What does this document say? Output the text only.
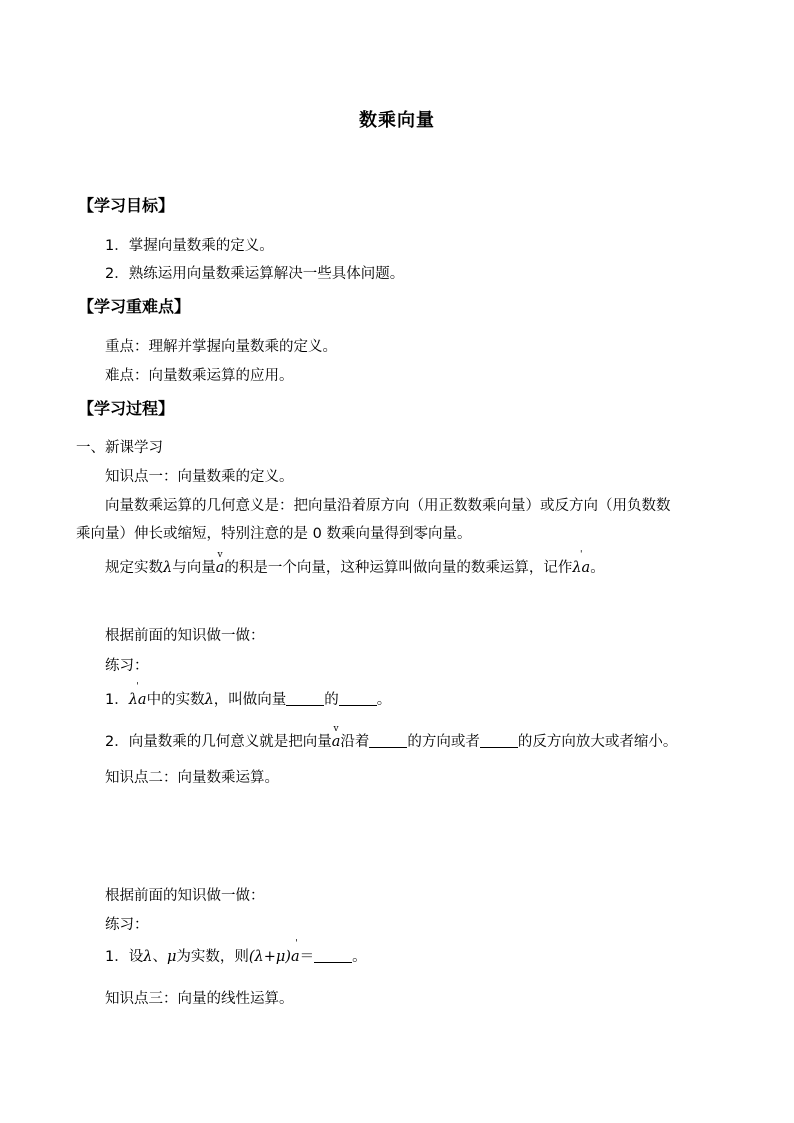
数乘向量
【学习目标】
1．掌握向量数乘的定义。
2．熟练运用向量数乘运算解决一些具体问题。
【学习重难点】
重点：理解并掌握向量数乘的定义。
难点：向量数乘运算的应用。
【学习过程】
一、新课学习
知识点一：向量数乘的定义。
向量数乘运算的几何意义是：把向量沿着原方向（用正数数乘向量）或反方向（用负数数
乘向量）伸长或缩短，特别注意的是 0 数乘向量得到零向量。
规定实数λ与向量
v
a的积是一个向量，这种运算叫做向量的数乘运算，记作
'
λa。
根据前面的知识做一做：
练习：
1．
'
λa中的实数λ，叫做向量	的	。
2．向量数乘的几何意义就是把向量
v
a沿着	的方向或者	的反方向放大或者缩小。
知识点二：向量数乘运算。
根据前面的知识做一做：
练习：
1．设λ、μ为实数，则
'
(λ+μ)a＝	。
知识点三：向量的线性运算。
